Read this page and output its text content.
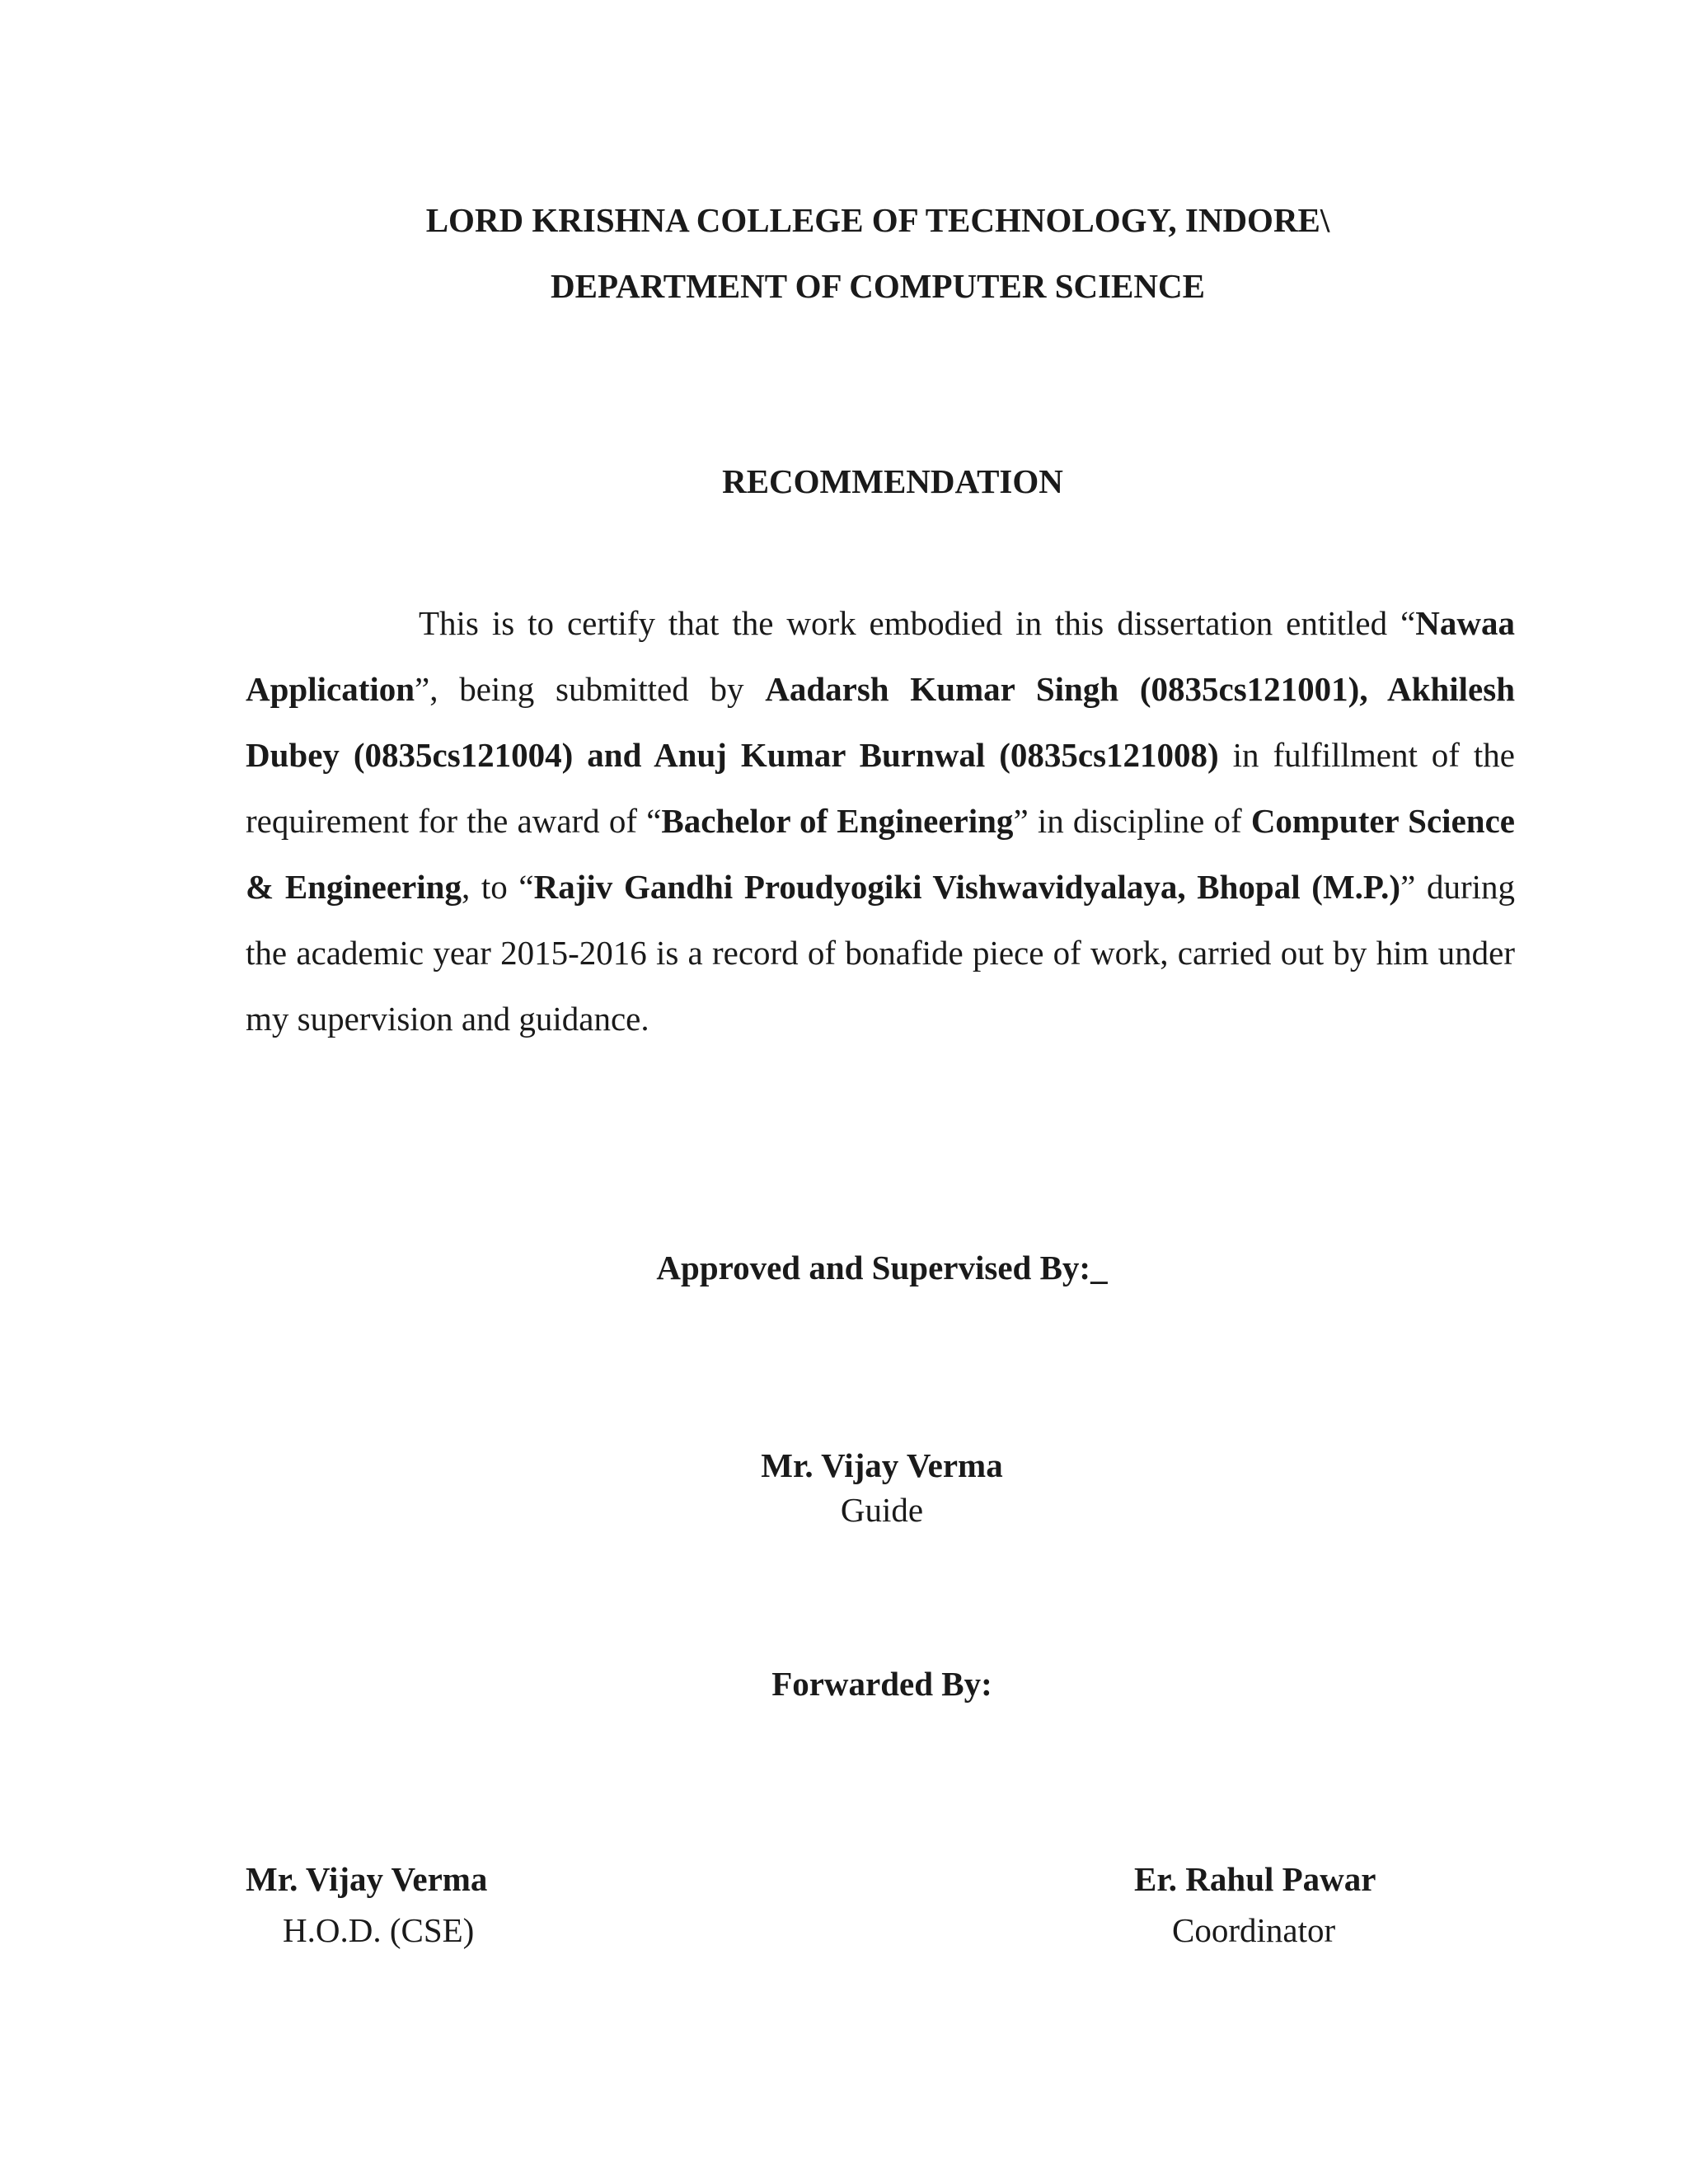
LORD KRISHNA COLLEGE OF TECHNOLOGY, INDORE\
DEPARTMENT OF COMPUTER SCIENCE
RECOMMENDATION
This is to certify that the work embodied in this dissertation entitled “Nawaa Application”, being submitted by Aadarsh Kumar Singh (0835cs121001), Akhilesh Dubey (0835cs121004) and Anuj Kumar Burnwal (0835cs121008) in fulfillment of the requirement for the award of “Bachelor of Engineering” in discipline of Computer Science & Engineering, to “Rajiv Gandhi Proudyogiki Vishwavidyalaya, Bhopal (M.P.)” during the academic year 2015-2016 is a record of bonafide piece of work, carried out by him under my supervision and guidance.
Approved and Supervised By:_
Mr. Vijay Verma
Guide
Forwarded By:
Mr. Vijay Verma
H.O.D. (CSE)
Er. Rahul Pawar
Coordinator
